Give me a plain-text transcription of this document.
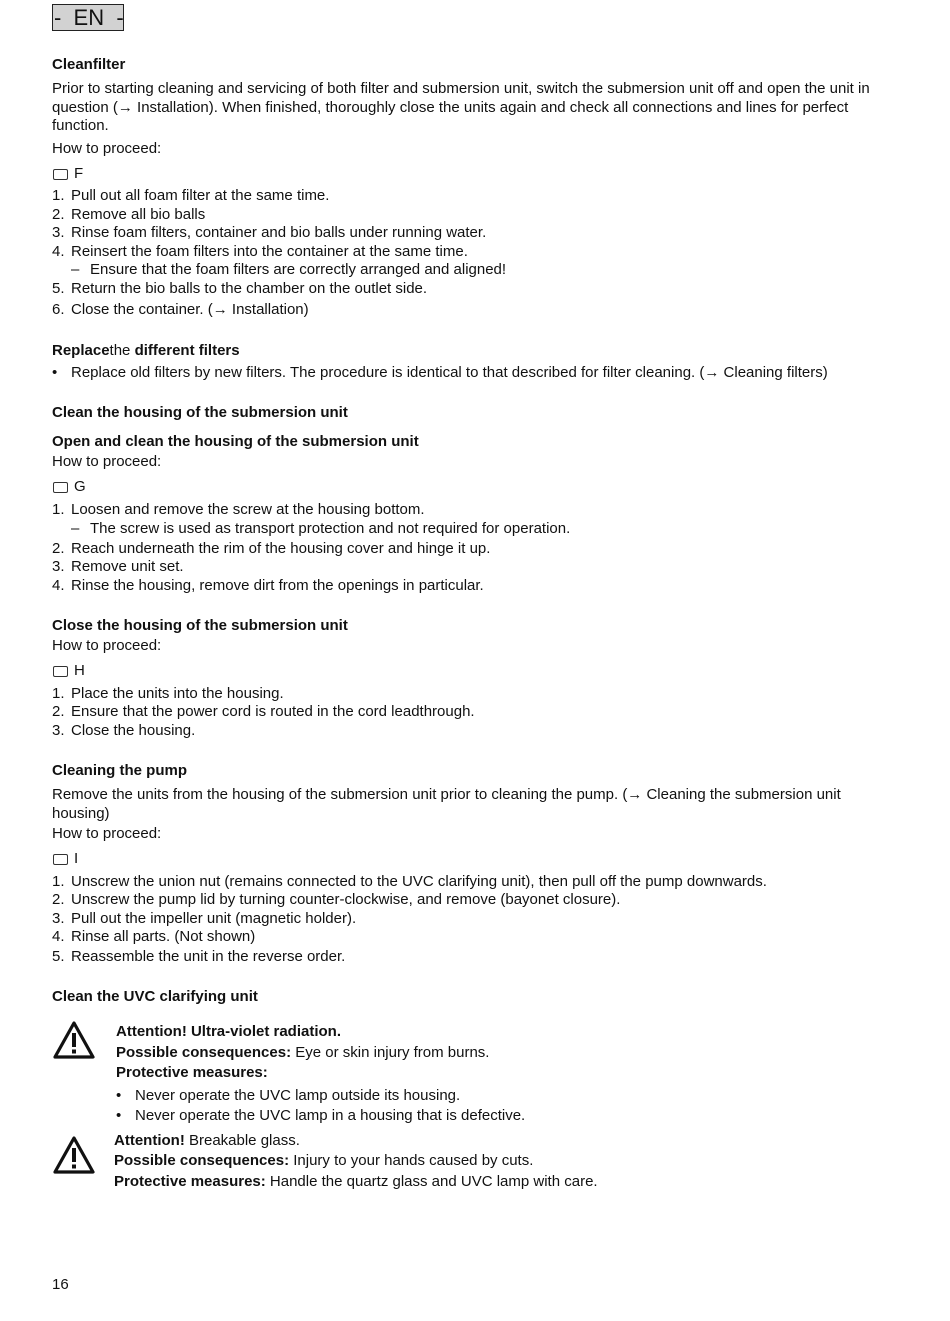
-  EN  -
Cleanfilter

Prior to starting cleaning and servicing of both filter and submersion unit, switch the submersion unit off and open the unit in question (→ Installation). When finished, thoroughly close the units again and check all connections and lines for perfect function.

How to proceed:

F
1. Pull out all foam filter at the same time.
2. Remove all bio balls
3. Rinse foam filters, container and bio balls under running water.
4. Reinsert the foam filters into the container at the same time.
– Ensure that the foam filters are correctly arranged and aligned!
5. Return the bio balls to the chamber on the outlet side.
6. Close the container. (→ Installation)
Replacethe different filters
• Replace old filters by new filters. The procedure is identical to that described for filter cleaning. (→ Cleaning filters)
Clean the housing of the submersion unit
Open and clean the housing of the submersion unit

How to proceed:

G
1. Loosen and remove the screw at the housing bottom.
– The screw is used as transport protection and not required for operation.
2. Reach underneath the rim of the housing cover and hinge it up.
3. Remove unit set.
4. Rinse the housing, remove dirt from the openings in particular.
Close the housing of the submersion unit

How to proceed:

H
1. Place the units into the housing.
2. Ensure that the power cord is routed in the cord leadthrough.
3. Close the housing.
Cleaning the pump

Remove the units from the housing of the submersion unit prior to cleaning the pump. (→ Cleaning the submersion unit housing)

How to proceed:

I
1. Unscrew the union nut (remains connected to the UVC clarifying unit), then pull off the pump downwards.
2. Unscrew the pump lid by turning counter-clockwise, and remove (bayonet closure).
3. Pull out the impeller unit (magnetic holder).
4. Rinse all parts. (Not shown)
5. Reassemble the unit in the reverse order.
Clean the UVC clarifying unit
Attention! Ultra-violet radiation.
Possible consequences: Eye or skin injury from burns.
Protective measures:
• Never operate the UVC lamp outside its housing.
• Never operate the UVC lamp in a housing that is defective.
Attention! Breakable glass.
Possible consequences: Injury to your hands caused by cuts.
Protective measures: Handle the quartz glass and UVC lamp with care.
16
